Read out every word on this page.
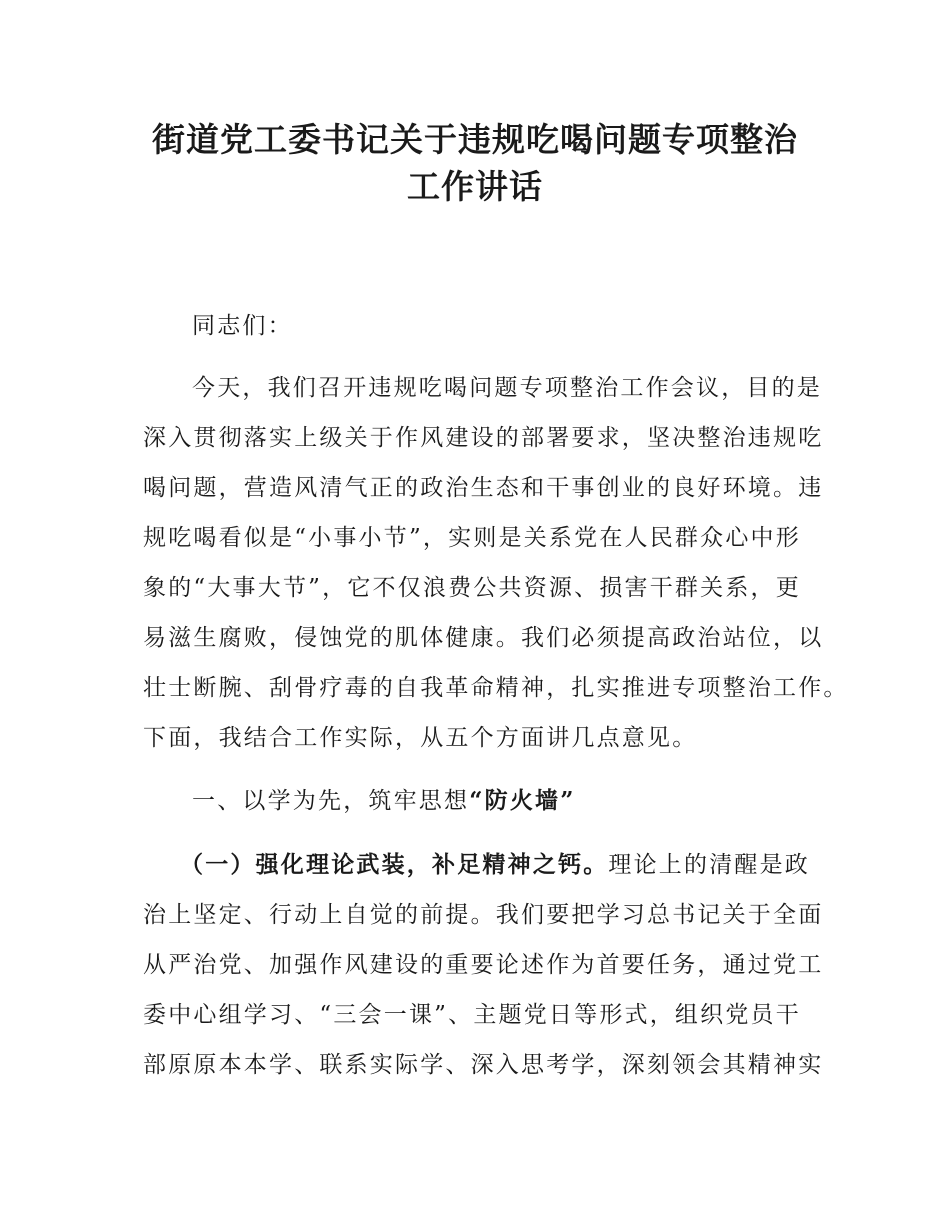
街道党工委书记关于违规吃喝问题专项整治
工作讲话
同志们：
今天，我们召开违规吃喝问题专项整治工作会议，目的是
深入贯彻落实上级关于作风建设的部署要求，坚决整治违规吃
喝问题，营造风清气正的政治生态和干事创业的良好环境。违
规吃喝看似是“小事小节”，实则是关系党在人民群众心中形
象的“大事大节”，它不仅浪费公共资源、损害干群关系，更
易滋生腐败，侵蚀党的肌体健康。我们必须提高政治站位，以
壮士断腕、刮骨疗毒的自我革命精神，扎实推进专项整治工作。
下面，我结合工作实际，从五个方面讲几点意见。
一、以学为先，筑牢思想“防火墙”
（一）强化理论武装，补足精神之钙。理论上的清醒是政
治上坚定、行动上自觉的前提。我们要把学习总书记关于全面
从严治党、加强作风建设的重要论述作为首要任务，通过党工
委中心组学习、“三会一课”、主题党日等形式，组织党员干
部原原本本学、联系实际学、深入思考学，深刻领会其精神实
